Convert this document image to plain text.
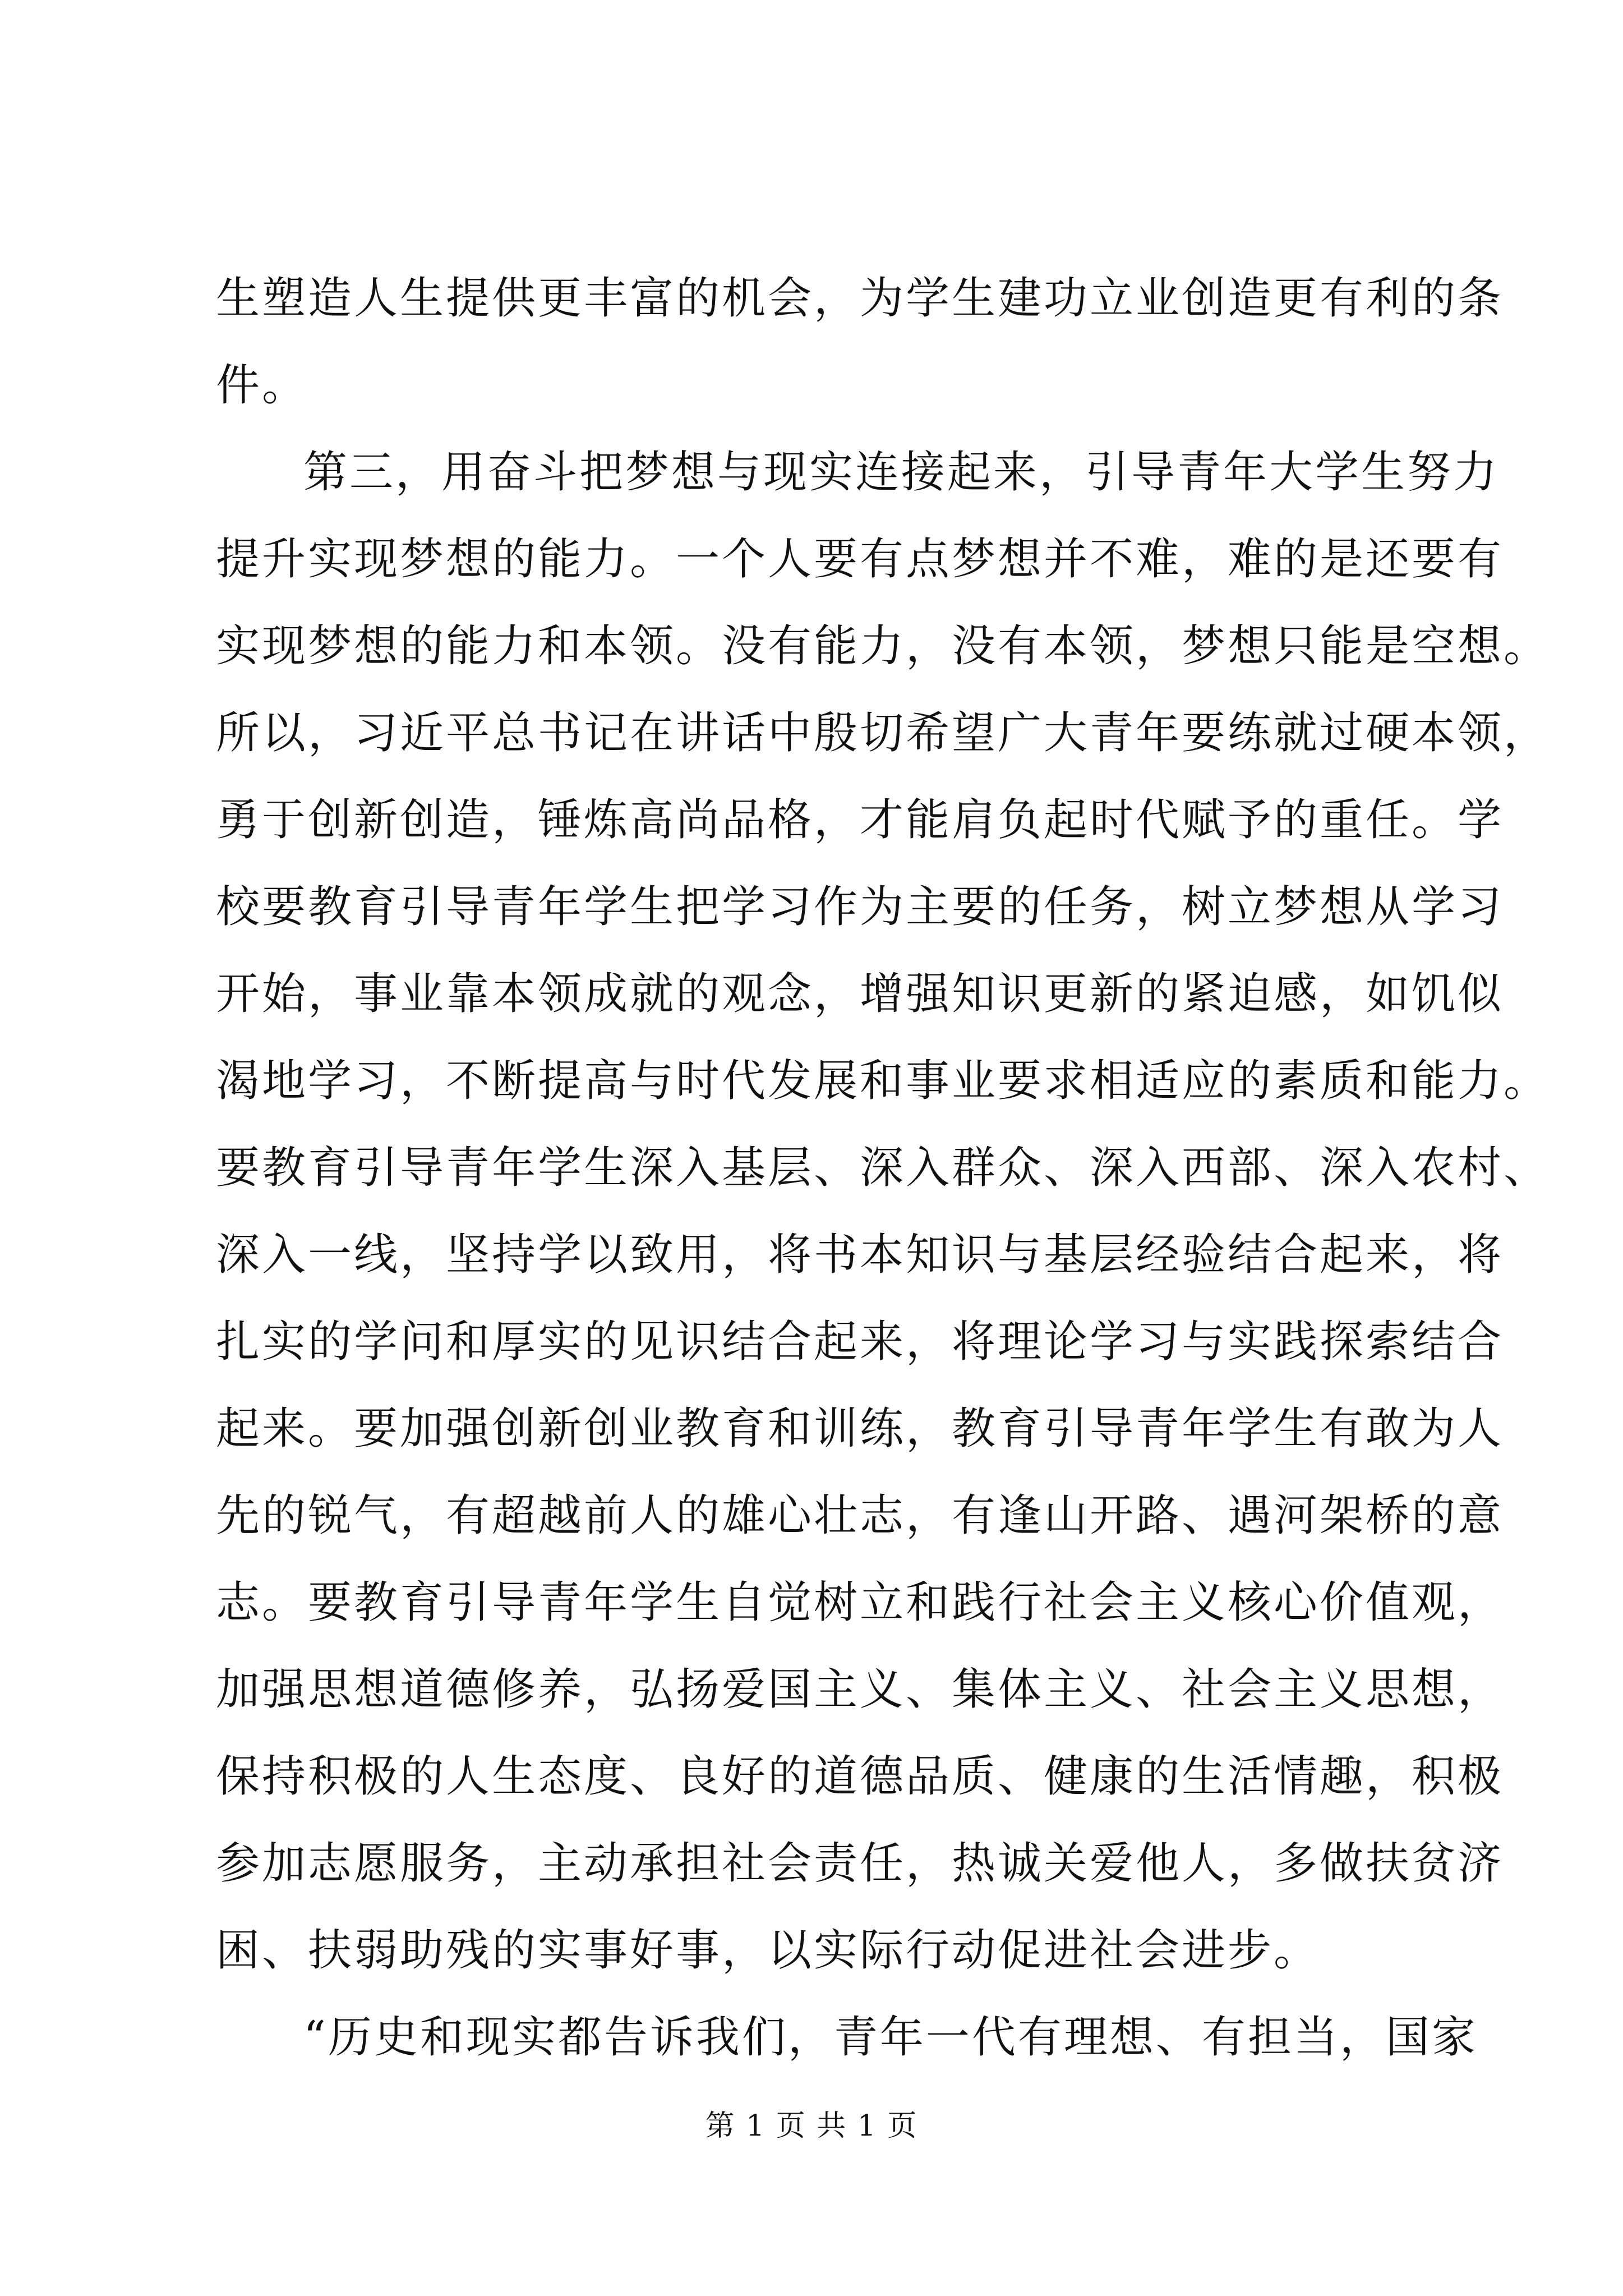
生塑造人生提供更丰富的机会，为学生建功立业创造更有利的条
件。
第三，用奋斗把梦想与现实连接起来，引导青年大学生努力
提升实现梦想的能力。一个人要有点梦想并不难，难的是还要有
实现梦想的能力和本领。没有能力，没有本领，梦想只能是空想。
所以，习近平总书记在讲话中殷切希望广大青年要练就过硬本领，
勇于创新创造，锤炼高尚品格，才能肩负起时代赋予的重任。学
校要教育引导青年学生把学习作为主要的任务，树立梦想从学习
开始，事业靠本领成就的观念，增强知识更新的紧迫感，如饥似
渴地学习，不断提高与时代发展和事业要求相适应的素质和能力。
要教育引导青年学生深入基层、深入群众、深入西部、深入农村、
深入一线，坚持学以致用，将书本知识与基层经验结合起来，将
扎实的学问和厚实的见识结合起来，将理论学习与实践探索结合
起来。要加强创新创业教育和训练，教育引导青年学生有敢为人
先的锐气，有超越前人的雄心壮志，有逢山开路、遇河架桥的意
志。要教育引导青年学生自觉树立和践行社会主义核心价值观，
加强思想道德修养，弘扬爱国主义、集体主义、社会主义思想，
保持积极的人生态度、良好的道德品质、健康的生活情趣，积极
参加志愿服务，主动承担社会责任，热诚关爱他人，多做扶贫济
困、扶弱助残的实事好事，以实际行动促进社会进步。
“历史和现实都告诉我们，青年一代有理想、有担当，国家
第 1 页 共 1 页
